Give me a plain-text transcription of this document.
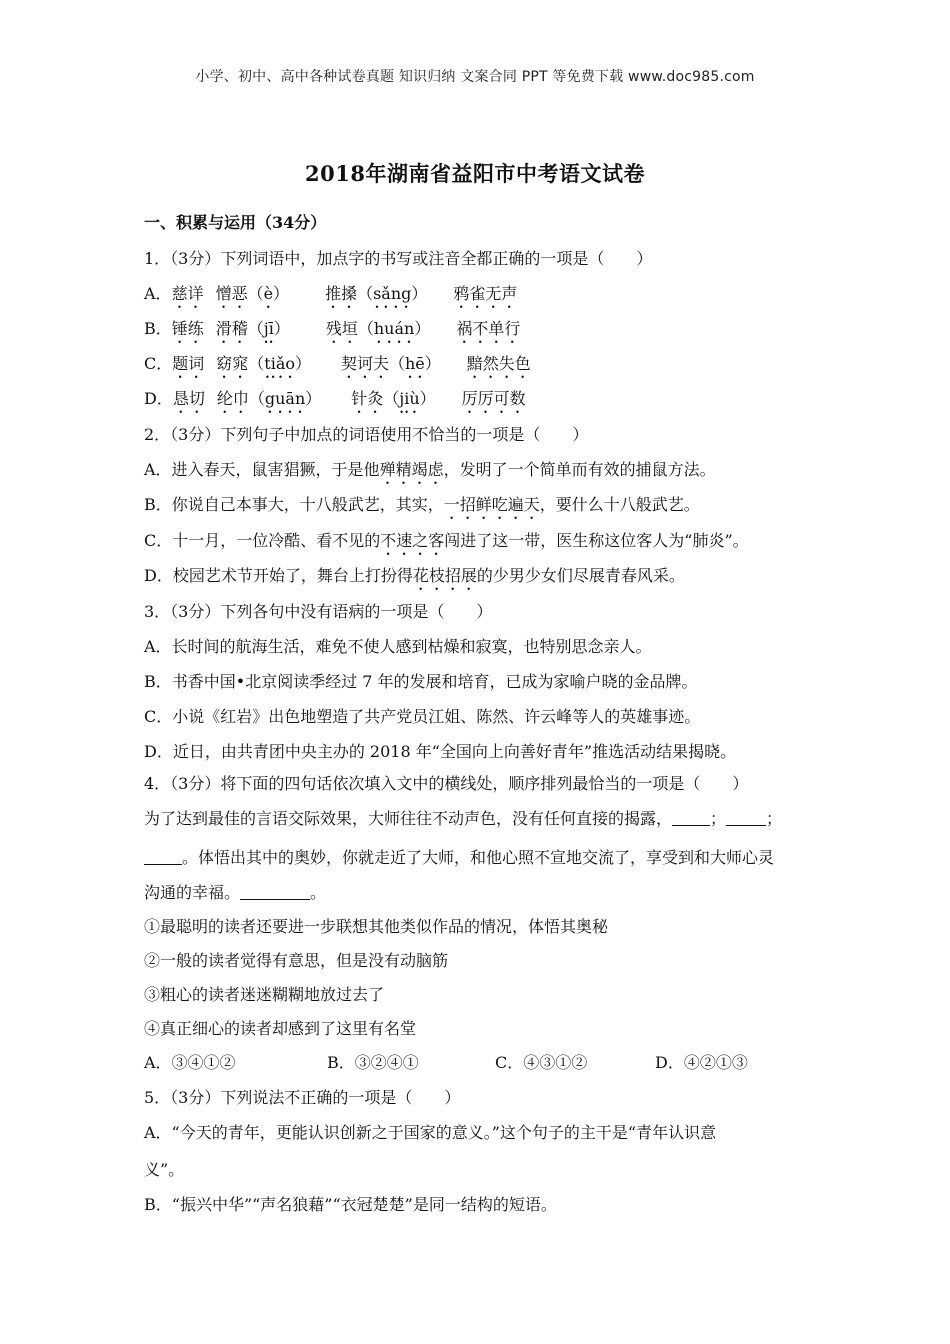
小学、初中、高中各种试卷真题 知识归纳 文案合同 PPT 等免费下载 www.doc985.com
2018年湖南省益阳市中考语文试卷
一、积累与运用（34分）
1．（3分）下列词语中，加点字的书写或注音全都正确的一项是（　　）
A．慈详 憎恶（è） 推搡（sǎng） 鸦雀无声
B．锤练 滑稽（jī） 残垣（huán） 祸不单行
C．题词 窈窕（tiǎo） 契诃夫（hē） 黯然失色
D．恳切 纶巾（guān） 针灸（jiù） 厉厉可数
2．（3分）下列句子中加点的词语使用不恰当的一项是（　　）
A．进入春天，鼠害猖獗，于是他殚精竭虑，发明了一个简单而有效的捕鼠方法。
B．你说自己本事大，十八般武艺，其实，一招鲜吃遍天，要什么十八般武艺。
C．十一月，一位冷酷、看不见的不速之客闯进了这一带，医生称这位客人为“肺炎”。
D．校园艺术节开始了，舞台上打扮得花枝招展的少男少女们尽展青春风采。
3．（3分）下列各句中没有语病的一项是（　　）
A．长时间的航海生活，难免不使人感到枯燥和寂寞，也特别思念亲人。
B．书香中国•北京阅读季经过 7 年的发展和培育，已成为家喻户晓的金品牌。
C．小说《红岩》出色地塑造了共产党员江姐、陈然、许云峰等人的英雄事迹。
D．近日，由共青团中央主办的 2018 年“全国向上向善好青年”推选活动结果揭晓。
4．（3分）将下面的四句话依次填入文中的横线处，顺序排列最恰当的一项是（　　）
为了达到最佳的言语交际效果，大师往往不动声色，没有任何直接的揭露， ；	；
。体悟出其中的奥妙，你就走近了大师，和他心照不宣地交流了，享受到和大师心灵
沟通的幸福。	。
①最聪明的读者还要进一步联想其他类似作品的情况，体悟其奥秘
②一般的读者觉得有意思，但是没有动脑筋
③粗心的读者迷迷糊糊地放过去了
④真正细心的读者却感到了这里有名堂
A．③④①②	B．③②④①	C．④③①②	D．④②①③
5．（3分）下列说法不正确的一项是（　　）
A．“今天的青年，更能认识创新之于国家的意义。”这个句子的主干是“青年认识意
义”。
B．“振兴中华”“声名狼藉”“衣冠楚楚”是同一结构的短语。
